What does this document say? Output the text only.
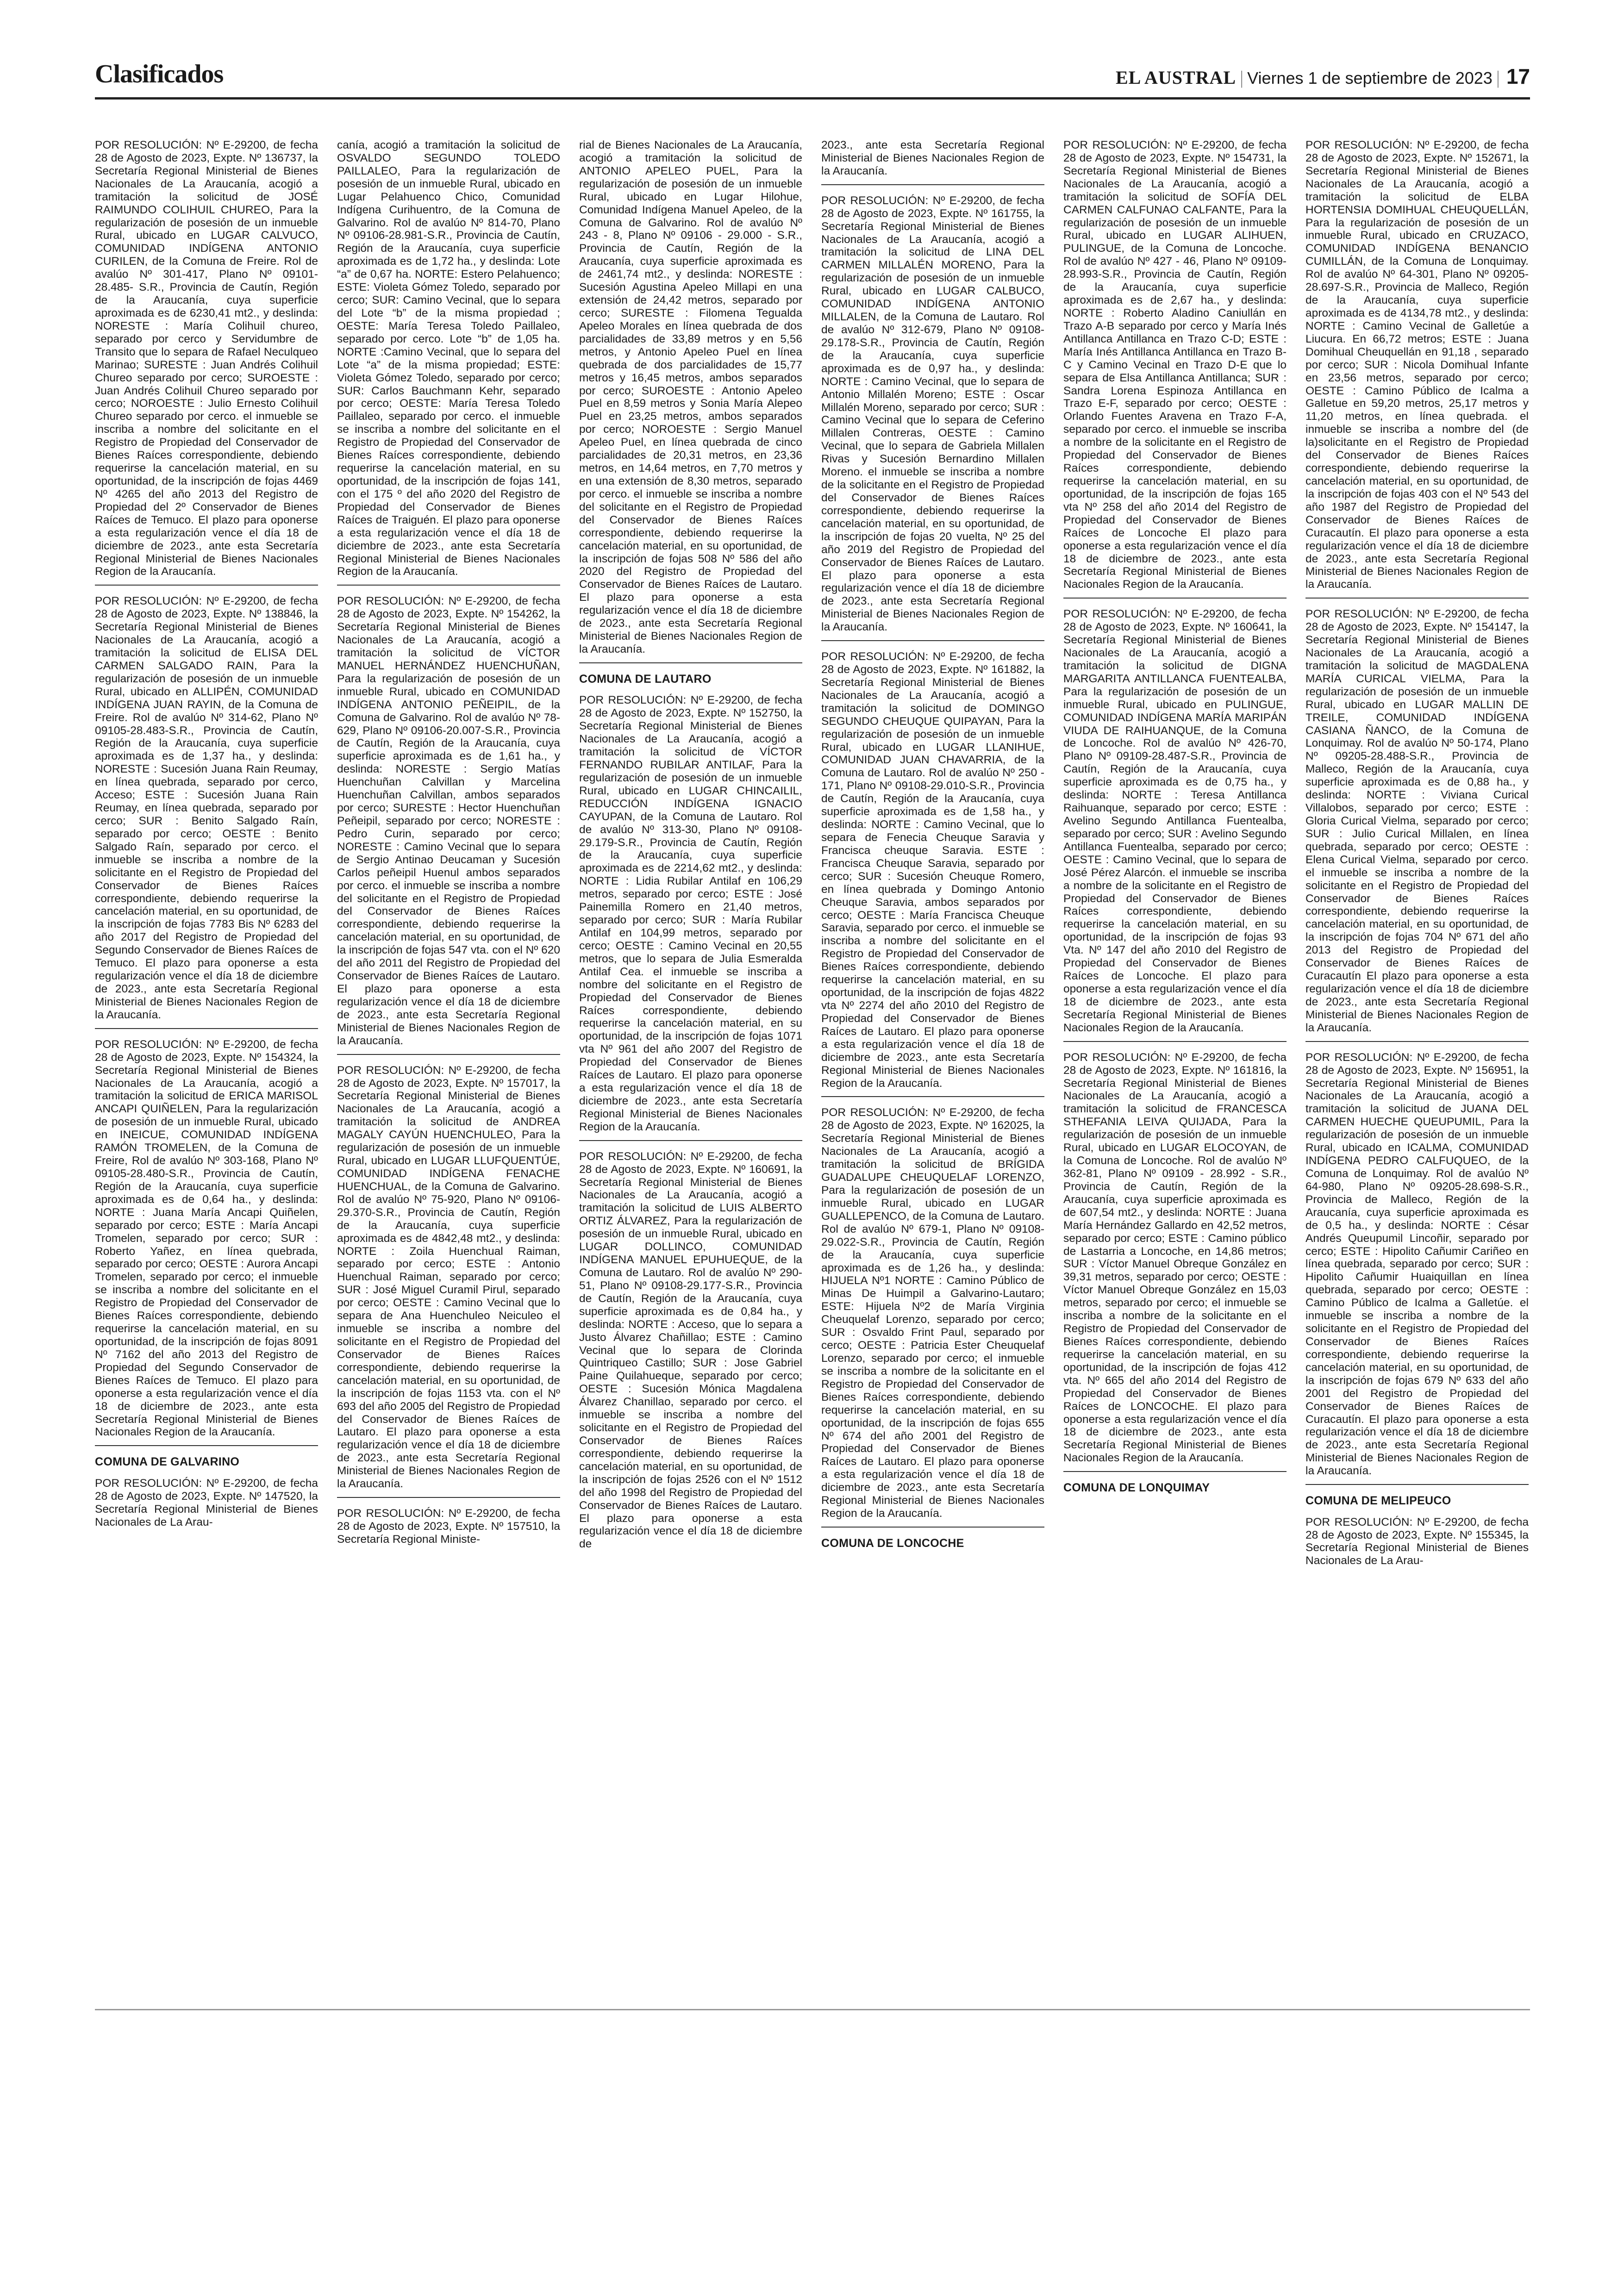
Clasificados	EL AUSTRAL | Viernes 1 de septiembre de 2023 | 17

POR RESOLUCIÓN: Nº E-29200, de fecha 28 de Agosto de 2023, Expte. Nº 136737, la Secretaría Regional Ministerial de Bienes Nacionales de La Araucanía, acogió a tramitación la solicitud de JOSÉ RAIMUNDO COLIHUIL CHUREO, Para la regularización de posesión de un inmueble Rural, ubicado en LUGAR CALVUCO, COMUNIDAD INDÍGENA ANTONIO CURILEN, de la Comuna de Freire. Rol de avalúo Nº 301-417, Plano Nº 09101- 28.485- S.R., Provincia de Cautín, Región de la Araucanía, cuya superficie aproximada es de 6230,41 mt2., y deslinda: NORESTE : María Colihuil chureo, separado por cerco y Servidumbre de Transito que lo separa de Rafael Neculqueo Marinao; SURESTE : Juan Andrés Colihuil Chureo separado por cerco; SUROESTE : Juan Andrés Colihuil Chureo separado por cerco; NOROESTE : Julio Ernesto Colihuil Chureo separado por cerco. el inmueble se inscriba a nombre del solicitante en el Registro de Propiedad del Conservador de Bienes Raíces correspondiente, debiendo requerirse la cancelación material, en su oportunidad, de la inscripción de fojas 4469 Nº 4265 del año 2013 del Registro de Propiedad del 2º Conservador de Bienes Raíces de Temuco. El plazo para oponerse a esta regularización vence el día 18 de diciembre de 2023., ante esta Secretaría Regional Ministerial de Bienes Nacionales Region de la Araucanía.

POR RESOLUCIÓN: Nº E-29200, de fecha 28 de Agosto de 2023, Expte. Nº 138846, la Secretaría Regional Ministerial de Bienes Nacionales de La Araucanía, acogió a tramitación la solicitud de ELISA DEL CARMEN SALGADO RAIN, Para la regularización de posesión de un inmueble Rural, ubicado en ALLIPÉN, COMUNIDAD INDÍGENA JUAN RAYIN, de la Comuna de Freire. Rol de avalúo Nº 314-62, Plano Nº 09105-28.483-S.R., Provincia de Cautín, Región de la Araucanía, cuya superficie aproximada es de 1,37 ha., y deslinda: NORESTE : Sucesión Juana Rain Reumay, en línea quebrada, separado por cerco, Acceso; ESTE : Sucesión Juana Rain Reumay, en línea quebrada, separado por cerco; SUR : Benito Salgado Raín, separado por cerco; OESTE : Benito Salgado Raín, separado por cerco. el inmueble se inscriba a nombre de la solicitante en el Registro de Propiedad del Conservador de Bienes Raíces correspondiente, debiendo requerirse la cancelación material, en su oportunidad, de la inscripción de fojas 7783 Bis Nº 6283 del año 2017 del Registro de Propiedad del Segundo Conservador de Bienes Raíces de Temuco. El plazo para oponerse a esta regularización vence el día 18 de diciembre de 2023., ante esta Secretaría Regional Ministerial de Bienes Nacionales Region de la Araucanía.

POR RESOLUCIÓN: Nº E-29200, de fecha 28 de Agosto de 2023, Expte. Nº 154324, la Secretaría Regional Ministerial de Bienes Nacionales de La Araucanía, acogió a tramitación la solicitud de ERICA MARISOL ANCAPI QUIÑELEN, Para la regularización de posesión de un inmueble Rural, ubicado en INEICUE, COMUNIDAD INDÍGENA RAMÓN TROMELEN, de la Comuna de Freire, Rol de avalúo Nº 303-168, Plano Nº 09105-28.480-S.R., Provincia de Cautín, Región de la Araucanía, cuya superficie aproximada es de 0,64 ha., y deslinda: NORTE : Juana María Ancapi Quiñelen, separado por cerco; ESTE : María Ancapi Tromelen, separado por cerco; SUR : Roberto Yañez, en línea quebrada, separado por cerco; OESTE : Aurora Ancapi Tromelen, separado por cerco; el inmueble se inscriba a nombre del solicitante en el Registro de Propiedad del Conservador de Bienes Raíces correspondiente, debiendo requerirse la cancelación material, en su oportunidad, de la inscripción de fojas 8091 Nº 7162 del año 2013 del Registro de Propiedad del Segundo Conservador de Bienes Raíces de Temuco. El plazo para oponerse a esta regularización vence el día 18 de diciembre de 2023., ante esta Secretaría Regional Ministerial de Bienes Nacionales Region de la Araucanía.

COMUNA DE GALVARINO

POR RESOLUCIÓN: Nº E-29200, de fecha 28 de Agosto de 2023, Expte. Nº 147520, la Secretaría Regional Ministerial de Bienes Nacionales de La Arau-

canía, acogió a tramitación la solicitud de OSVALDO SEGUNDO TOLEDO PAILLALEO, Para la regularización de posesión de un inmueble Rural, ubicado en Lugar Pelahuenco Chico, Comunidad Indígena Curihuentro, de la Comuna de Galvarino. Rol de avalúo Nº 814-70, Plano Nº 09106-28.981-S.R., Provincia de Cautín, Región de la Araucanía, cuya superficie aproximada es de 1,72 ha., y deslinda: Lote “a” de 0,67 ha. NORTE: Estero Pelahuenco; ESTE: Violeta Gómez Toledo, separado por cerco; SUR: Camino Vecinal, que lo separa del Lote “b” de la misma propiedad ; OESTE: María Teresa Toledo Paillaleo, separado por cerco. Lote “b” de 1,05 ha. NORTE :Camino Vecinal, que lo separa del Lote “a” de la misma propiedad; ESTE: Violeta Gómez Toledo, separado por cerco; SUR: Carlos Bauchmann Kehr, separado por cerco; OESTE: María Teresa Toledo Paillaleo, separado por cerco. el inmueble se inscriba a nombre del solicitante en el Registro de Propiedad del Conservador de Bienes Raíces correspondiente, debiendo requerirse la cancelación material, en su oportunidad, de la inscripción de fojas 141, con el 175 º del año 2020 del Registro de Propiedad del Conservador de Bienes Raíces de Traiguén. El plazo para oponerse a esta regularización vence el día 18 de diciembre de 2023., ante esta Secretaría Regional Ministerial de Bienes Nacionales Region de la Araucanía.

POR RESOLUCIÓN: Nº E-29200, de fecha 28 de Agosto de 2023, Expte. Nº 154262, la Secretaría Regional Ministerial de Bienes Nacionales de La Araucanía, acogió a tramitación la solicitud de VÍCTOR MANUEL HERNÁNDEZ HUENCHUÑAN, Para la regularización de posesión de un inmueble Rural, ubicado en COMUNIDAD INDÍGENA ANTONIO PEÑEIPIL, de la Comuna de Galvarino. Rol de avalúo Nº 78-629, Plano Nº 09106-20.007-S.R., Provincia de Cautín, Región de la Araucanía, cuya superficie aproximada es de 1,61 ha., y deslinda: NORESTE : Sergio Matías Huenchuñan Calvillan y Marcelina Huenchuñan Calvillan, ambos separados por cerco; SURESTE : Hector Huenchuñan Peñeipil, separado por cerco; NORESTE : Pedro Curin, separado por cerco; NORESTE : Camino Vecinal que lo separa de Sergio Antinao Deucaman y Sucesión Carlos peñeipil Huenul ambos separados por cerco. el inmueble se inscriba a nombre del solicitante en el Registro de Propiedad del Conservador de Bienes Raíces correspondiente, debiendo requerirse la cancelación material, en su oportunidad, de la inscripción de fojas 547 vta. con el Nº 620 del año 2011 del Registro de Propiedad del Conservador de Bienes Raíces de Lautaro. El plazo para oponerse a esta regularización vence el día 18 de diciembre de 2023., ante esta Secretaría Regional Ministerial de Bienes Nacionales Region de la Araucanía.

POR RESOLUCIÓN: Nº E-29200, de fecha 28 de Agosto de 2023, Expte. Nº 157017, la Secretaría Regional Ministerial de Bienes Nacionales de La Araucanía, acogió a tramitación la solicitud de ANDREA MAGALY CAYÚN HUENCHULEO, Para la regularización de posesión de un inmueble Rural, ubicado en LUGAR LLUFQUENTÚE, COMUNIDAD INDÍGENA FENACHE HUENCHUAL, de la Comuna de Galvarino. Rol de avalúo Nº 75-920, Plano Nº 09106-29.370-S.R., Provincia de Cautín, Región de la Araucanía, cuya superficie aproximada es de 4842,48 mt2., y deslinda: NORTE : Zoila Huenchual Raiman, separado por cerco; ESTE : Antonio Huenchual Raiman, separado por cerco; SUR : José Miguel Curamil Pirul, separado por cerco; OESTE : Camino Vecinal que lo separa de Ana Huenchuleo Neiculeo el inmueble se inscriba a nombre del solicitante en el Registro de Propiedad del Conservador de Bienes Raíces correspondiente, debiendo requerirse la cancelación material, en su oportunidad, de la inscripción de fojas 1153 vta. con el Nº 693 del año 2005 del Registro de Propiedad del Conservador de Bienes Raíces de Lautaro. El plazo para oponerse a esta regularización vence el día 18 de diciembre de 2023., ante esta Secretaría Regional Ministerial de Bienes Nacionales Region de la Araucanía.

POR RESOLUCIÓN: Nº E-29200, de fecha 28 de Agosto de 2023, Expte. Nº 157510, la Secretaría Regional Ministe-

rial de Bienes Nacionales de La Araucanía, acogió a tramitación la solicitud de ANTONIO APELEO PUEL, Para la regularización de posesión de un inmueble Rural, ubicado en Lugar Hilohue, Comunidad Indígena Manuel Apeleo, de la Comuna de Galvarino. Rol de avalúo Nº 243 - 8, Plano Nº 09106 - 29.000 - S.R., Provincia de Cautín, Región de la Araucanía, cuya superficie aproximada es de 2461,74 mt2., y deslinda: NORESTE : Sucesión Agustina Apeleo Millapi en una extensión de 24,42 metros, separado por cerco; SURESTE : Filomena Tegualda Apeleo Morales en línea quebrada de dos parcialidades de 33,89 metros y en 5,56 metros, y Antonio Apeleo Puel en línea quebrada de dos parcialidades de 15,77 metros y 16,45 metros, ambos separados por cerco; SUROESTE : Antonio Apeleo Puel en 8,59 metros y Sonia María Alepeo Puel en 23,25 metros, ambos separados por cerco; NOROESTE : Sergio Manuel Apeleo Puel, en línea quebrada de cinco parcialidades de 20,31 metros, en 23,36 metros, en 14,64 metros, en 7,70 metros y en una extensión de 8,30 metros, separado por cerco. el inmueble se inscriba a nombre del solicitante en el Registro de Propiedad del Conservador de Bienes Raíces correspondiente, debiendo requerirse la cancelación material, en su oportunidad, de la inscripción de fojas 508 Nº 586 del año 2020 del Registro de Propiedad del Conservador de Bienes Raíces de Lautaro. El plazo para oponerse a esta regularización vence el día 18 de diciembre de 2023., ante esta Secretaría Regional Ministerial de Bienes Nacionales Region de la Araucanía.

COMUNA DE LAUTARO

POR RESOLUCIÓN: Nº E-29200, de fecha 28 de Agosto de 2023, Expte. Nº 152750, la Secretaría Regional Ministerial de Bienes Nacionales de La Araucanía, acogió a tramitación la solicitud de VÍCTOR FERNANDO RUBILAR ANTILAF, Para la regularización de posesión de un inmueble Rural, ubicado en LUGAR CHINCAILIL, REDUCCIÓN INDÍGENA IGNACIO CAYUPAN, de la Comuna de Lautaro. Rol de avalúo Nº 313-30, Plano Nº 09108-29.179-S.R., Provincia de Cautín, Región de la Araucanía, cuya superficie aproximada es de 2214,62 mt2., y deslinda: NORTE : Lidia Rubilar Antilaf en 106,29 metros, separado por cerco; ESTE : José Painemilla Romero en 21,40 metros, separado por cerco; SUR : María Rubilar Antilaf en 104,99 metros, separado por cerco; OESTE : Camino Vecinal en 20,55 metros, que lo separa de Julia Esmeralda Antilaf Cea. el inmueble se inscriba a nombre del solicitante en el Registro de Propiedad del Conservador de Bienes Raíces correspondiente, debiendo requerirse la cancelación material, en su oportunidad, de la inscripción de fojas 1071 vta Nº 961 del año 2007 del Registro de Propiedad del Conservador de Bienes Raíces de Lautaro. El plazo para oponerse a esta regularización vence el día 18 de diciembre de 2023., ante esta Secretaría Regional Ministerial de Bienes Nacionales Region de la Araucanía.

POR RESOLUCIÓN: Nº E-29200, de fecha 28 de Agosto de 2023, Expte. Nº 160691, la Secretaría Regional Ministerial de Bienes Nacionales de La Araucanía, acogió a tramitación la solicitud de LUIS ALBERTO ORTIZ ÁLVAREZ, Para la regularización de posesión de un inmueble Rural, ubicado en LUGAR DOLLINCO, COMUNIDAD INDÍGENA MANUEL EPUHUEQUE, de la Comuna de Lautaro. Rol de avalúo Nº 290-51, Plano Nº 09108-29.177-S.R., Provincia de Cautín, Región de la Araucanía, cuya superficie aproximada es de 0,84 ha., y deslinda: NORTE : Acceso, que lo separa a Justo Álvarez Chañillao; ESTE : Camino Vecinal que lo separa de Clorinda Quintriqueo Castillo; SUR : Jose Gabriel Paine Quilahueque, separado por cerco; OESTE : Sucesión Mónica Magdalena Álvarez Chanillao, separado por cerco. el inmueble se inscriba a nombre del solicitante en el Registro de Propiedad del Conservador de Bienes Raíces correspondiente, debiendo requerirse la cancelación material, en su oportunidad, de la inscripción de fojas 2526 con el Nº 1512 del año 1998 del Registro de Propiedad del Conservador de Bienes Raíces de Lautaro. El plazo para oponerse a esta regularización vence el día 18 de diciembre de

2023., ante esta Secretaría Regional Ministerial de Bienes Nacionales Region de la Araucanía.

POR RESOLUCIÓN: Nº E-29200, de fecha 28 de Agosto de 2023, Expte. Nº 161755, la Secretaría Regional Ministerial de Bienes Nacionales de La Araucanía, acogió a tramitación la solicitud de LINA DEL CARMEN MILLALÉN MORENO, Para la regularización de posesión de un inmueble Rural, ubicado en LUGAR CALBUCO, COMUNIDAD INDÍGENA ANTONIO MILLALEN, de la Comuna de Lautaro. Rol de avalúo Nº 312-679, Plano Nº 09108-29.178-S.R., Provincia de Cautín, Región de la Araucanía, cuya superficie aproximada es de 0,97 ha., y deslinda: NORTE : Camino Vecinal, que lo separa de Antonio Millalén Moreno; ESTE : Oscar Millalén Moreno, separado por cerco; SUR : Camino Vecinal que lo separa de Ceferino Millalen Contreras, OESTE : Camino Vecinal, que lo separa de Gabriela Millalen Rivas y Sucesión Bernardino Millalen Moreno. el inmueble se inscriba a nombre de la solicitante en el Registro de Propiedad del Conservador de Bienes Raíces correspondiente, debiendo requerirse la cancelación material, en su oportunidad, de la inscripción de fojas 20 vuelta, Nº 25 del año 2019 del Registro de Propiedad del Conservador de Bienes Raíces de Lautaro. El plazo para oponerse a esta regularización vence el día 18 de diciembre de 2023., ante esta Secretaría Regional Ministerial de Bienes Nacionales Region de la Araucanía.

POR RESOLUCIÓN: Nº E-29200, de fecha 28 de Agosto de 2023, Expte. Nº 161882, la Secretaría Regional Ministerial de Bienes Nacionales de La Araucanía, acogió a tramitación la solicitud de DOMINGO SEGUNDO CHEUQUE QUIPAYAN, Para la regularización de posesión de un inmueble Rural, ubicado en LUGAR LLANIHUE, COMUNIDAD JUAN CHAVARRIA, de la Comuna de Lautaro. Rol de avalúo Nº 250 - 171, Plano Nº 09108-29.010-S.R., Provincia de Cautín, Región de la Araucanía, cuya superficie aproximada es de 1,58 ha., y deslinda: NORTE : Camino Vecinal, que lo separa de Fenecia Cheuque Saravia y Francisca cheuque Saravia. ESTE : Francisca Cheuque Saravia, separado por cerco; SUR : Sucesión Cheuque Romero, en línea quebrada y Domingo Antonio Cheuque Saravia, ambos separados por cerco; OESTE : María Francisca Cheuque Saravia, separado por cerco. el inmueble se inscriba a nombre del solicitante en el Registro de Propiedad del Conservador de Bienes Raíces correspondiente, debiendo requerirse la cancelación material, en su oportunidad, de la inscripción de fojas 4822 vta Nº 2274 del año 2010 del Registro de Propiedad del Conservador de Bienes Raíces de Lautaro. El plazo para oponerse a esta regularización vence el día 18 de diciembre de 2023., ante esta Secretaría Regional Ministerial de Bienes Nacionales Region de la Araucanía.

POR RESOLUCIÓN: Nº E-29200, de fecha 28 de Agosto de 2023, Expte. Nº 162025, la Secretaría Regional Ministerial de Bienes Nacionales de La Araucanía, acogió a tramitación la solicitud de BRÍGIDA GUADALUPE CHEUQUELAF LORENZO, Para la regularización de posesión de un inmueble Rural, ubicado en LUGAR GUALLEPENCO, de la Comuna de Lautaro. Rol de avalúo Nº 679-1, Plano Nº 09108-29.022-S.R., Provincia de Cautín, Región de la Araucanía, cuya superficie aproximada es de 1,26 ha., y deslinda: HIJUELA Nº1 NORTE : Camino Público de Minas De Huimpil a Galvarino-Lautaro; ESTE: Hijuela Nº2 de María Virginia Cheuquelaf Lorenzo, separado por cerco; SUR : Osvaldo Frint Paul, separado por cerco; OESTE : Patricia Ester Cheuquelaf Lorenzo, separado por cerco; el inmueble se inscriba a nombre de la solicitante en el Registro de Propiedad del Conservador de Bienes Raíces correspondiente, debiendo requerirse la cancelación material, en su oportunidad, de la inscripción de fojas 655 Nº 674 del año 2001 del Registro de Propiedad del Conservador de Bienes Raíces de Lautaro. El plazo para oponerse a esta regularización vence el día 18 de diciembre de 2023., ante esta Secretaría Regional Ministerial de Bienes Nacionales Region de la Araucanía.

COMUNA DE LONCOCHE

POR RESOLUCIÓN: Nº E-29200, de fecha 28 de Agosto de 2023, Expte. Nº 154731, la Secretaría Regional Ministerial de Bienes Nacionales de La Araucanía, acogió a tramitación la solicitud de SOFÍA DEL CARMEN CALFUNAO CALFANTE, Para la regularización de posesión de un inmueble Rural, ubicado en LUGAR ALIHUEN, PULINGUE, de la Comuna de Loncoche. Rol de avalúo Nº 427 - 46, Plano Nº 09109-28.993-S.R., Provincia de Cautín, Región de la Araucanía, cuya superficie aproximada es de 2,67 ha., y deslinda: NORTE : Roberto Aladino Caniullán en Trazo A-B separado por cerco y María Inés Antillanca Antillanca en Trazo C-D; ESTE : María Inés Antillanca Antillanca en Trazo B-C y Camino Vecinal en Trazo D-E que lo separa de Elsa Antillanca Antillanca; SUR : Sandra Lorena Espinoza Antillanca en Trazo E-F, separado por cerco; OESTE : Orlando Fuentes Aravena en Trazo F-A, separado por cerco. el inmueble se inscriba a nombre de la solicitante en el Registro de Propiedad del Conservador de Bienes Raíces correspondiente, debiendo requerirse la cancelación material, en su oportunidad, de la inscripción de fojas 165 vta Nº 258 del año 2014 del Registro de Propiedad del Conservador de Bienes Raíces de Loncoche El plazo para oponerse a esta regularización vence el día 18 de diciembre de 2023., ante esta Secretaría Regional Ministerial de Bienes Nacionales Region de la Araucanía.

POR RESOLUCIÓN: Nº E-29200, de fecha 28 de Agosto de 2023, Expte. Nº 160641, la Secretaría Regional Ministerial de Bienes Nacionales de La Araucanía, acogió a tramitación la solicitud de DIGNA MARGARITA ANTILLANCA FUENTEALBA, Para la regularización de posesión de un inmueble Rural, ubicado en PULINGUE, COMUNIDAD INDÍGENA MARÍA MARIPÁN VIUDA DE RAIHUANQUE, de la Comuna de Loncoche. Rol de avalúo Nº 426-70, Plano Nº 09109-28.487-S.R., Provincia de Cautín, Región de la Araucanía, cuya superficie aproximada es de 0,75 ha., y deslinda: NORTE : Teresa Antillanca Raihuanque, separado por cerco; ESTE : Avelino Segundo Antillanca Fuentealba, separado por cerco; SUR : Avelino Segundo Antillanca Fuentealba, separado por cerco; OESTE : Camino Vecinal, que lo separa de José Pérez Alarcón. el inmueble se inscriba a nombre de la solicitante en el Registro de Propiedad del Conservador de Bienes Raíces correspondiente, debiendo requerirse la cancelación material, en su oportunidad, de la inscripción de fojas 93 Vta. Nº 147 del año 2010 del Registro de Propiedad del Conservador de Bienes Raíces de Loncoche. El plazo para oponerse a esta regularización vence el día 18 de diciembre de 2023., ante esta Secretaría Regional Ministerial de Bienes Nacionales Region de la Araucanía.

POR RESOLUCIÓN: Nº E-29200, de fecha 28 de Agosto de 2023, Expte. Nº 161816, la Secretaría Regional Ministerial de Bienes Nacionales de La Araucanía, acogió a tramitación la solicitud de FRANCESCA STHEFANIA LEIVA QUIJADA, Para la regularización de posesión de un inmueble Rural, ubicado en LUGAR ELOCOYAN, de la Comuna de Loncoche. Rol de avalúo Nº 362-81, Plano Nº 09109 - 28.992 - S.R., Provincia de Cautín, Región de la Araucanía, cuya superficie aproximada es de 607,54 mt2., y deslinda: NORTE : Juana María Hernández Gallardo en 42,52 metros, separado por cerco; ESTE : Camino público de Lastarria a Loncoche, en 14,86 metros; SUR : Víctor Manuel Obreque González en 39,31 metros, separado por cerco; OESTE : Víctor Manuel Obreque González en 15,03 metros, separado por cerco; el inmueble se inscriba a nombre de la solicitante en el Registro de Propiedad del Conservador de Bienes Raíces correspondiente, debiendo requerirse la cancelación material, en su oportunidad, de la inscripción de fojas 412 vta. Nº 665 del año 2014 del Registro de Propiedad del Conservador de Bienes Raíces de LONCOCHE. El plazo para oponerse a esta regularización vence el día 18 de diciembre de 2023., ante esta Secretaría Regional Ministerial de Bienes Nacionales Region de la Araucanía.

COMUNA DE LONQUIMAY

POR RESOLUCIÓN: Nº E-29200, de fecha 28 de Agosto de 2023, Expte. Nº 152671, la Secretaría Regional Ministerial de Bienes Nacionales de La Araucanía, acogió a tramitación la solicitud de ELBA HORTENSIA DOMIHUAL CHEUQUELLÁN, Para la regularización de posesión de un inmueble Rural, ubicado en CRUZACO, COMUNIDAD INDÍGENA BENANCIO CUMILLÁN, de la Comuna de Lonquimay. Rol de avalúo Nº 64-301, Plano Nº 09205-28.697-S.R., Provincia de Malleco, Región de la Araucanía, cuya superficie aproximada es de 4134,78 mt2., y deslinda: NORTE : Camino Vecinal de Galletúe a Liucura. En 66,72 metros; ESTE : Juana Domihual Cheuquellán en 91,18 , separado por cerco; SUR : Nicola Domihual Infante en 23,56 metros, separado por cerco; OESTE : Camino Público de Icalma a Galletue en 59,20 metros, 25,17 metros y 11,20 metros, en línea quebrada. el inmueble se inscriba a nombre del (de la)solicitante en el Registro de Propiedad del Conservador de Bienes Raíces correspondiente, debiendo requerirse la cancelación material, en su oportunidad, de la inscripción de fojas 403 con el Nº 543 del año 1987 del Registro de Propiedad del Conservador de Bienes Raíces de Curacautín. El plazo para oponerse a esta regularización vence el día 18 de diciembre de 2023., ante esta Secretaría Regional Ministerial de Bienes Nacionales Region de la Araucanía.

POR RESOLUCIÓN: Nº E-29200, de fecha 28 de Agosto de 2023, Expte. Nº 154147, la Secretaría Regional Ministerial de Bienes Nacionales de La Araucanía, acogió a tramitación la solicitud de MAGDALENA MARÍA CURICAL VIELMA, Para la regularización de posesión de un inmueble Rural, ubicado en LUGAR MALLIN DE TREILE, COMUNIDAD INDÍGENA CASIANA ÑANCO, de la Comuna de Lonquimay. Rol de avalúo Nº 50-174, Plano Nº 09205-28.488-S.R., Provincia de Malleco, Región de la Araucanía, cuya superficie aproximada es de 0,88 ha., y deslinda: NORTE : Viviana Curical Villalobos, separado por cerco; ESTE : Gloria Curical Vielma, separado por cerco; SUR : Julio Curical Millalen, en línea quebrada, separado por cerco; OESTE : Elena Curical Vielma, separado por cerco. el inmueble se inscriba a nombre de la solicitante en el Registro de Propiedad del Conservador de Bienes Raíces correspondiente, debiendo requerirse la cancelación material, en su oportunidad, de la inscripción de fojas 704 Nº 671 del año 2013 del Registro de Propiedad del Conservador de Bienes Raíces de Curacautín El plazo para oponerse a esta regularización vence el día 18 de diciembre de 2023., ante esta Secretaría Regional Ministerial de Bienes Nacionales Region de la Araucanía.

POR RESOLUCIÓN: Nº E-29200, de fecha 28 de Agosto de 2023, Expte. Nº 156951, la Secretaría Regional Ministerial de Bienes Nacionales de La Araucanía, acogió a tramitación la solicitud de JUANA DEL CARMEN HUECHE QUEUPUMIL, Para la regularización de posesión de un inmueble Rural, ubicado en ICALMA, COMUNIDAD INDÍGENA PEDRO CALFUQUEO, de la Comuna de Lonquimay. Rol de avalúo Nº 64-980, Plano Nº 09205-28.698-S.R., Provincia de Malleco, Región de la Araucanía, cuya superficie aproximada es de 0,5 ha., y deslinda: NORTE : César Andrés Queupumil Lincoñir, separado por cerco; ESTE : Hipolito Cañumir Cariñeo en línea quebrada, separado por cerco; SUR : Hipolito Cañumir Huaiquillan en línea quebrada, separado por cerco; OESTE : Camino Público de Icalma a Galletúe. el inmueble se inscriba a nombre de la solicitante en el Registro de Propiedad del Conservador de Bienes Raíces correspondiente, debiendo requerirse la cancelación material, en su oportunidad, de la inscripción de fojas 679 Nº 633 del año 2001 del Registro de Propiedad del Conservador de Bienes Raíces de Curacautín. El plazo para oponerse a esta regularización vence el día 18 de diciembre de 2023., ante esta Secretaría Regional Ministerial de Bienes Nacionales Region de la Araucanía.

COMUNA DE MELIPEUCO

POR RESOLUCIÓN: Nº E-29200, de fecha 28 de Agosto de 2023, Expte. Nº 155345, la Secretaría Regional Ministerial de Bienes Nacionales de La Arau-
